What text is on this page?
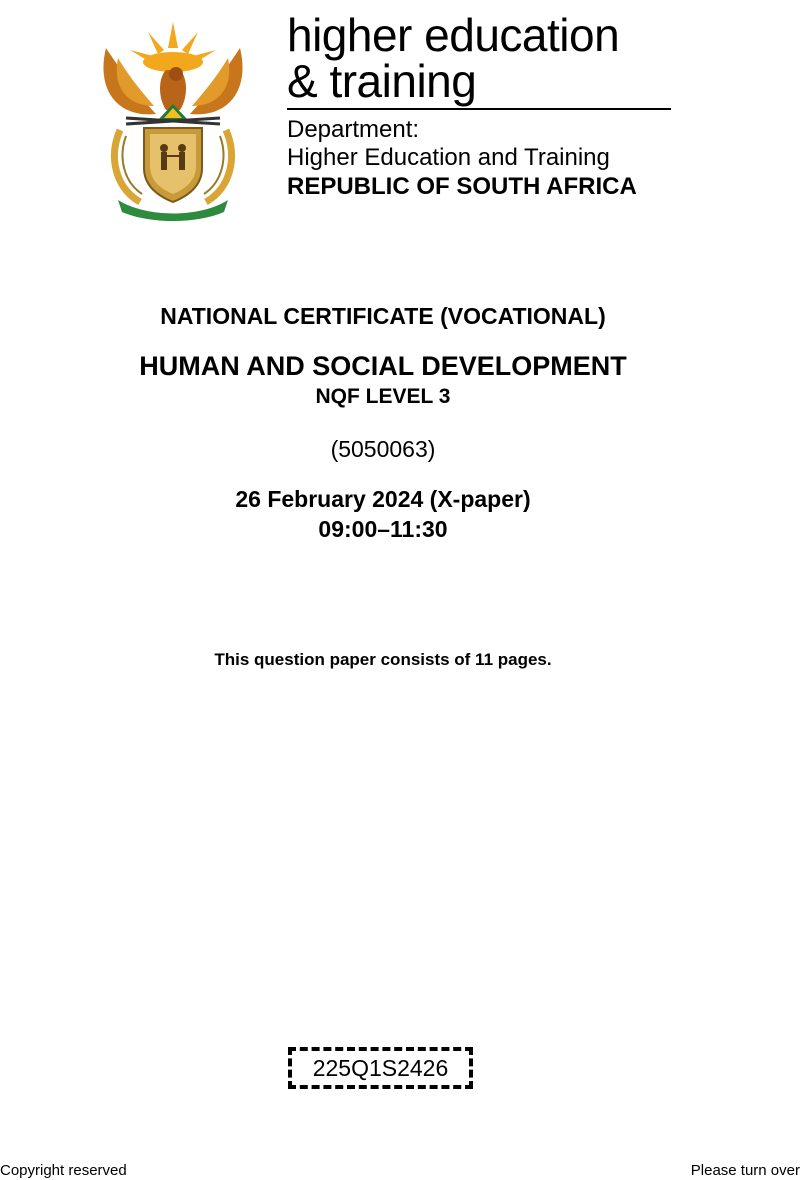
higher education
& training
Department:
Higher Education and Training
REPUBLIC OF SOUTH AFRICA
NATIONAL CERTIFICATE (VOCATIONAL)
HUMAN AND SOCIAL DEVELOPMENT
NQF LEVEL 3
(5050063)
26 February 2024 (X-paper)
09:00–11:30
This question paper consists of 11 pages.
225Q1S2426
Copyright reserved	Please turn over
